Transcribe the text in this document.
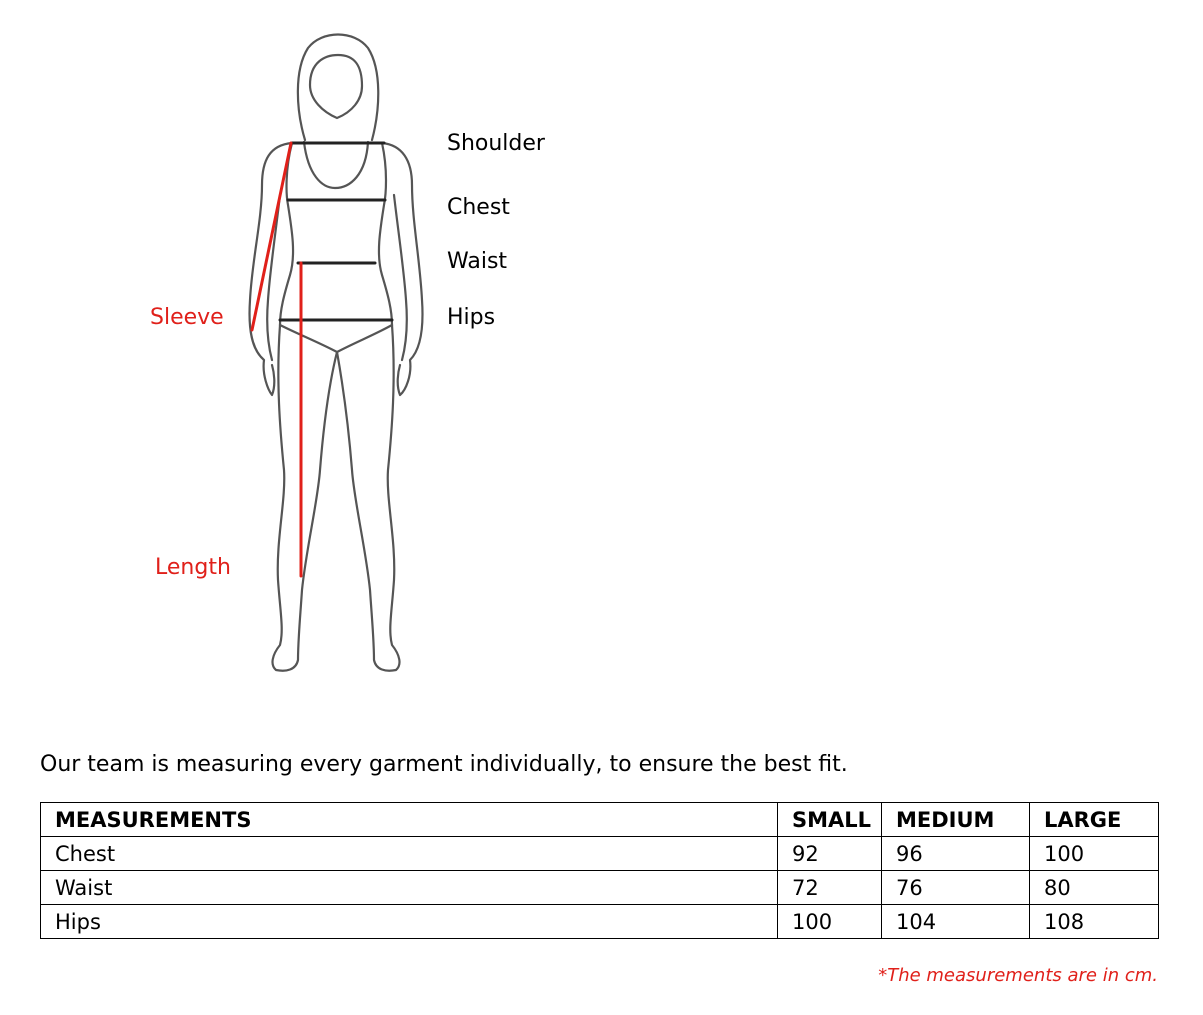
Shoulder
Chest
Waist
Hips
Sleeve
Length
Our team is measuring every garment individually, to ensure the best fit.
MEASUREMENTS	SMALL	MEDIUM	LARGE
Chest	92	96	100
Waist	72	76	80
Hips	100	104	108
*The measurements are in cm.
